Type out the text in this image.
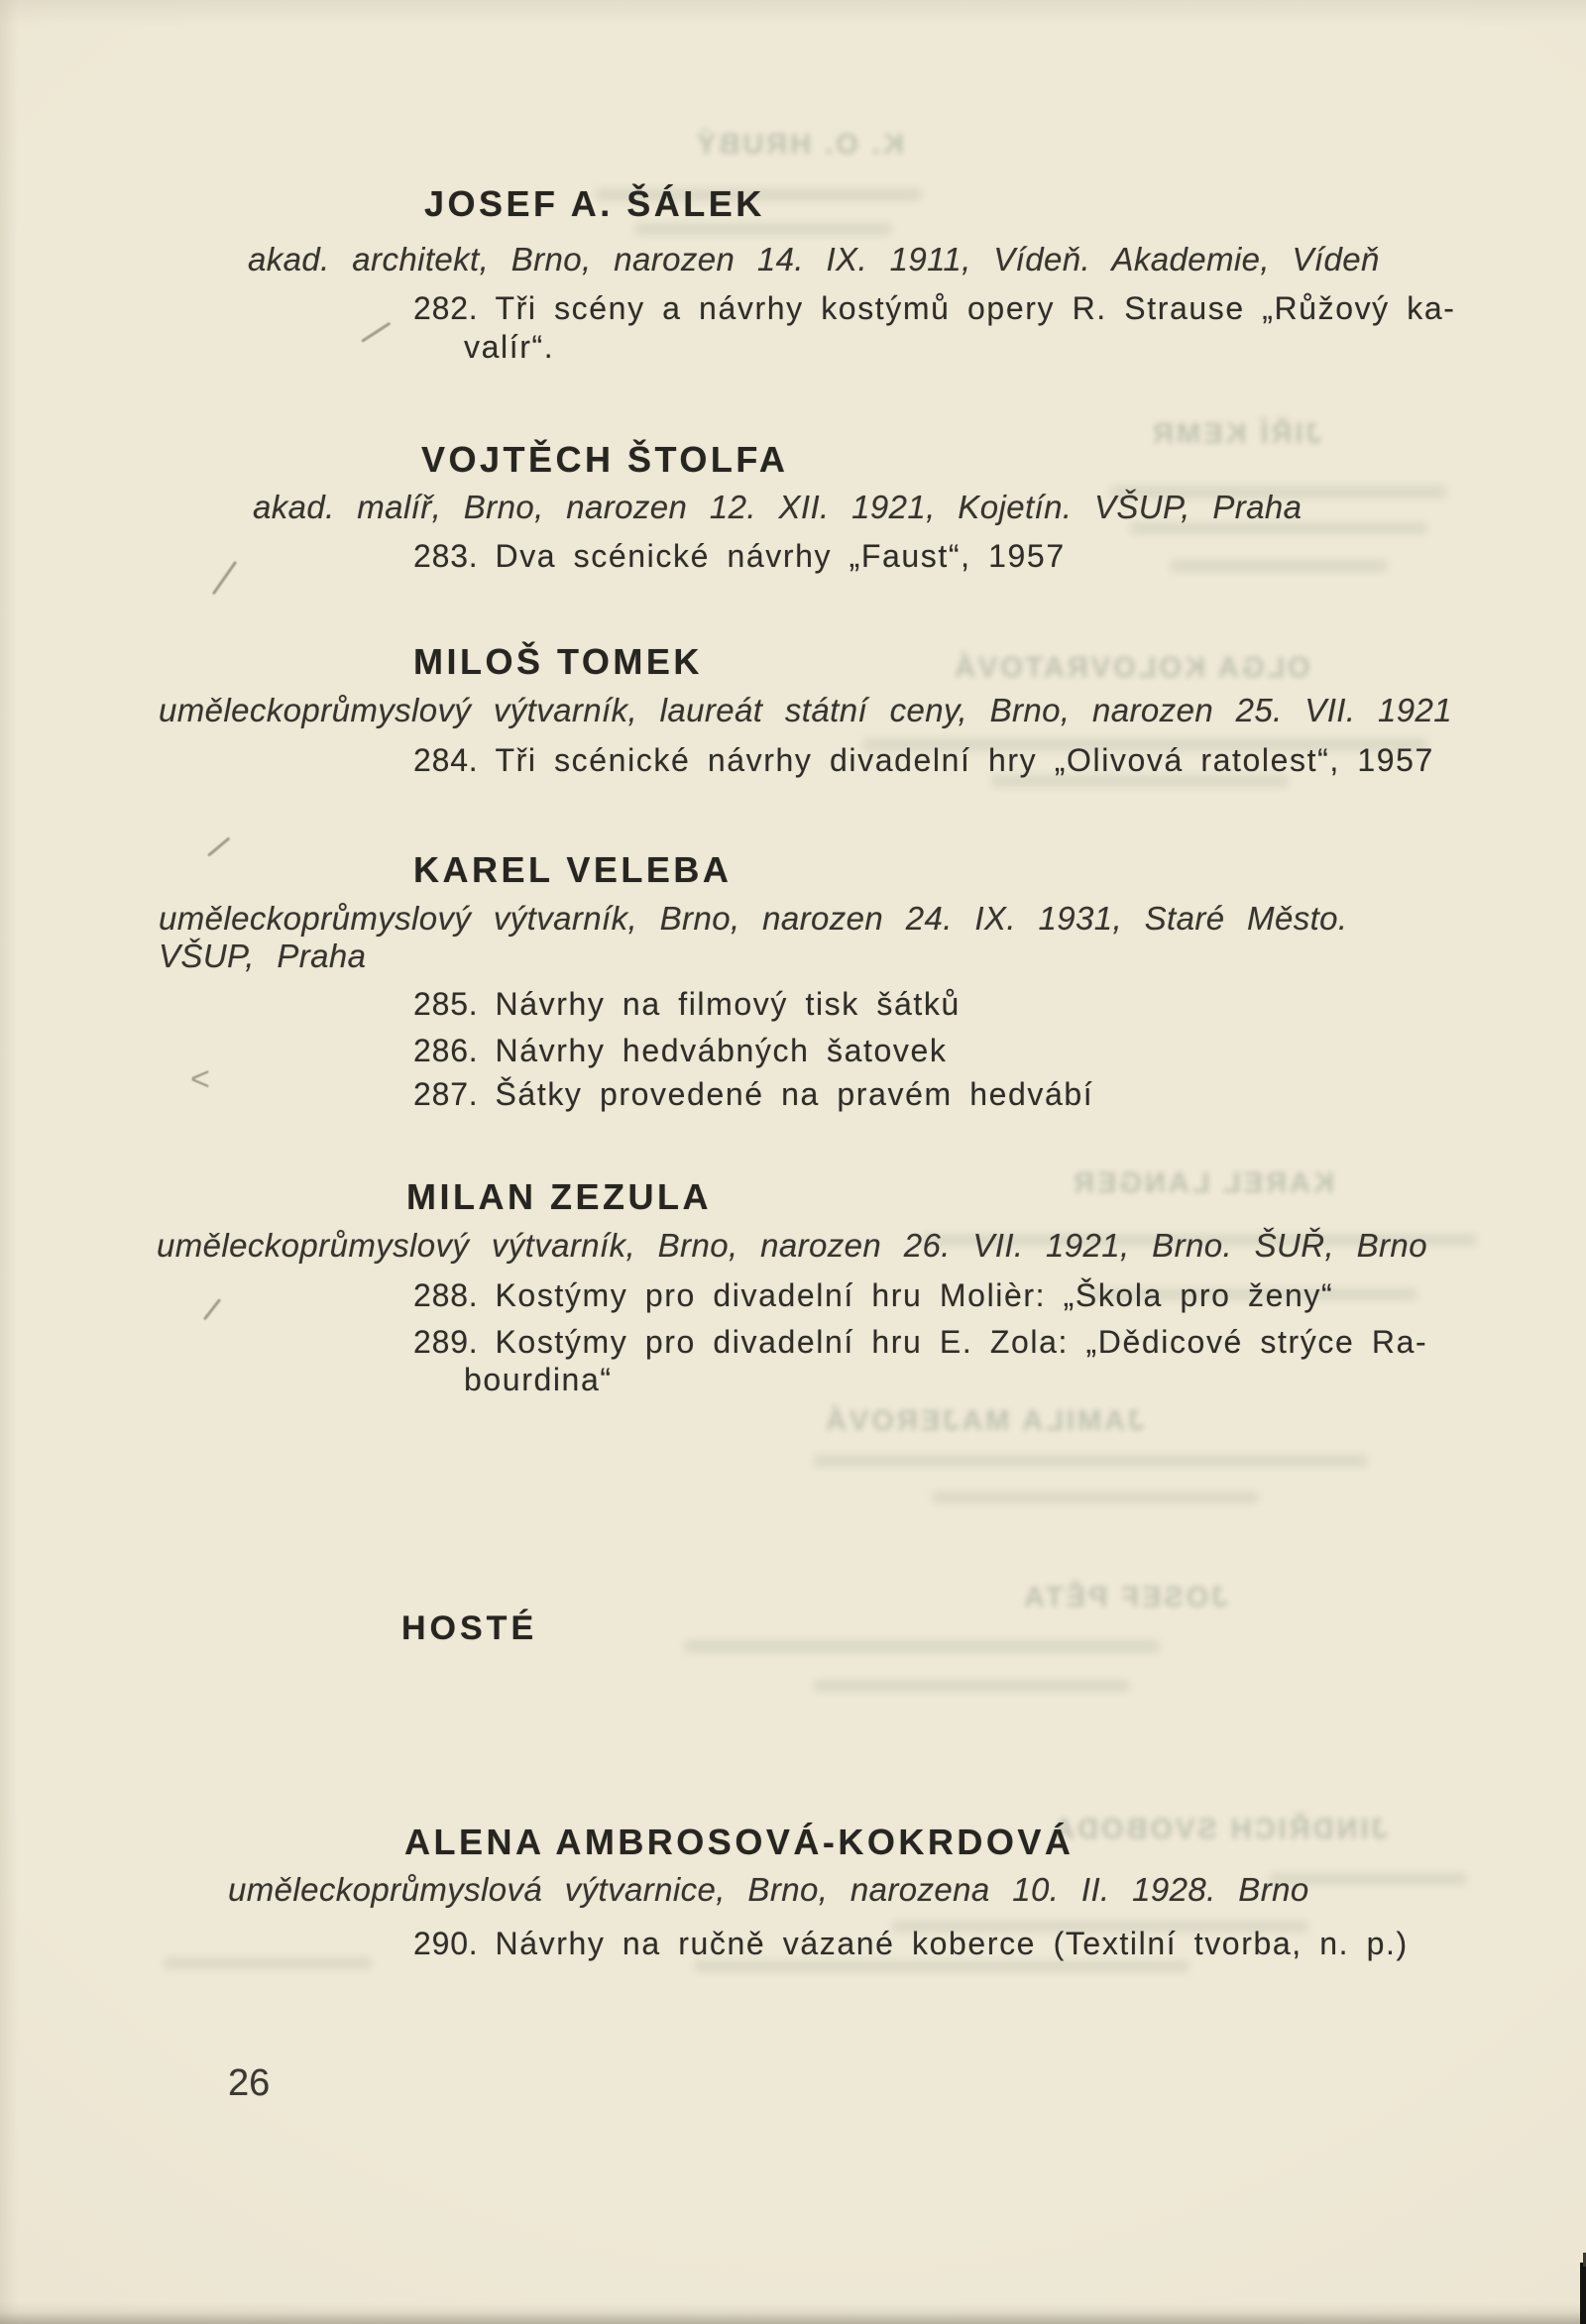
K. O. HRUBÝ
JIŘÍ KEMR
OLGA KOLOVRATOVÁ
KAREL LANGER
JAMILA MAJEROVÁ
JOSEF PĚTA
JINDŘICH SVOBODA
JOSEF A. ŠÁLEK
akad. architekt, Brno, narozen 14. IX. 1911, Vídeň. Akademie, Vídeň
282. Tři scény a návrhy kostýmů opery R. Strause „Růžový ka-
valír“.
VOJTĚCH ŠTOLFA
akad. malíř, Brno, narozen 12. XII. 1921, Kojetín. VŠUP, Praha
283. Dva scénické návrhy „Faust“, 1957
MILOŠ TOMEK
uměleckoprůmyslový výtvarník, laureát státní ceny, Brno, narozen 25. VII. 1921
284. Tři scénické návrhy divadelní hry „Olivová ratolest“, 1957
KAREL VELEBA
uměleckoprůmyslový výtvarník, Brno, narozen 24. IX. 1931, Staré Město.
VŠUP, Praha
285. Návrhy na filmový tisk šátků
286. Návrhy hedvábných šatovek
287. Šátky provedené na pravém hedvábí
MILAN ZEZULA
uměleckoprůmyslový výtvarník, Brno, narozen 26. VII. 1921, Brno. ŠUŘ, Brno
288. Kostýmy pro divadelní hru Molièr: „Škola pro ženy“
289. Kostýmy pro divadelní hru E. Zola: „Dědicové strýce Ra-
bourdina“
HOSTÉ
ALENA AMBROSOVÁ-KOKRDOVÁ
uměleckoprůmyslová výtvarnice, Brno, narozena 10. II. 1928. Brno
290. Návrhy na ručně vázané koberce (Textilní tvorba, n. p.)
26
<
